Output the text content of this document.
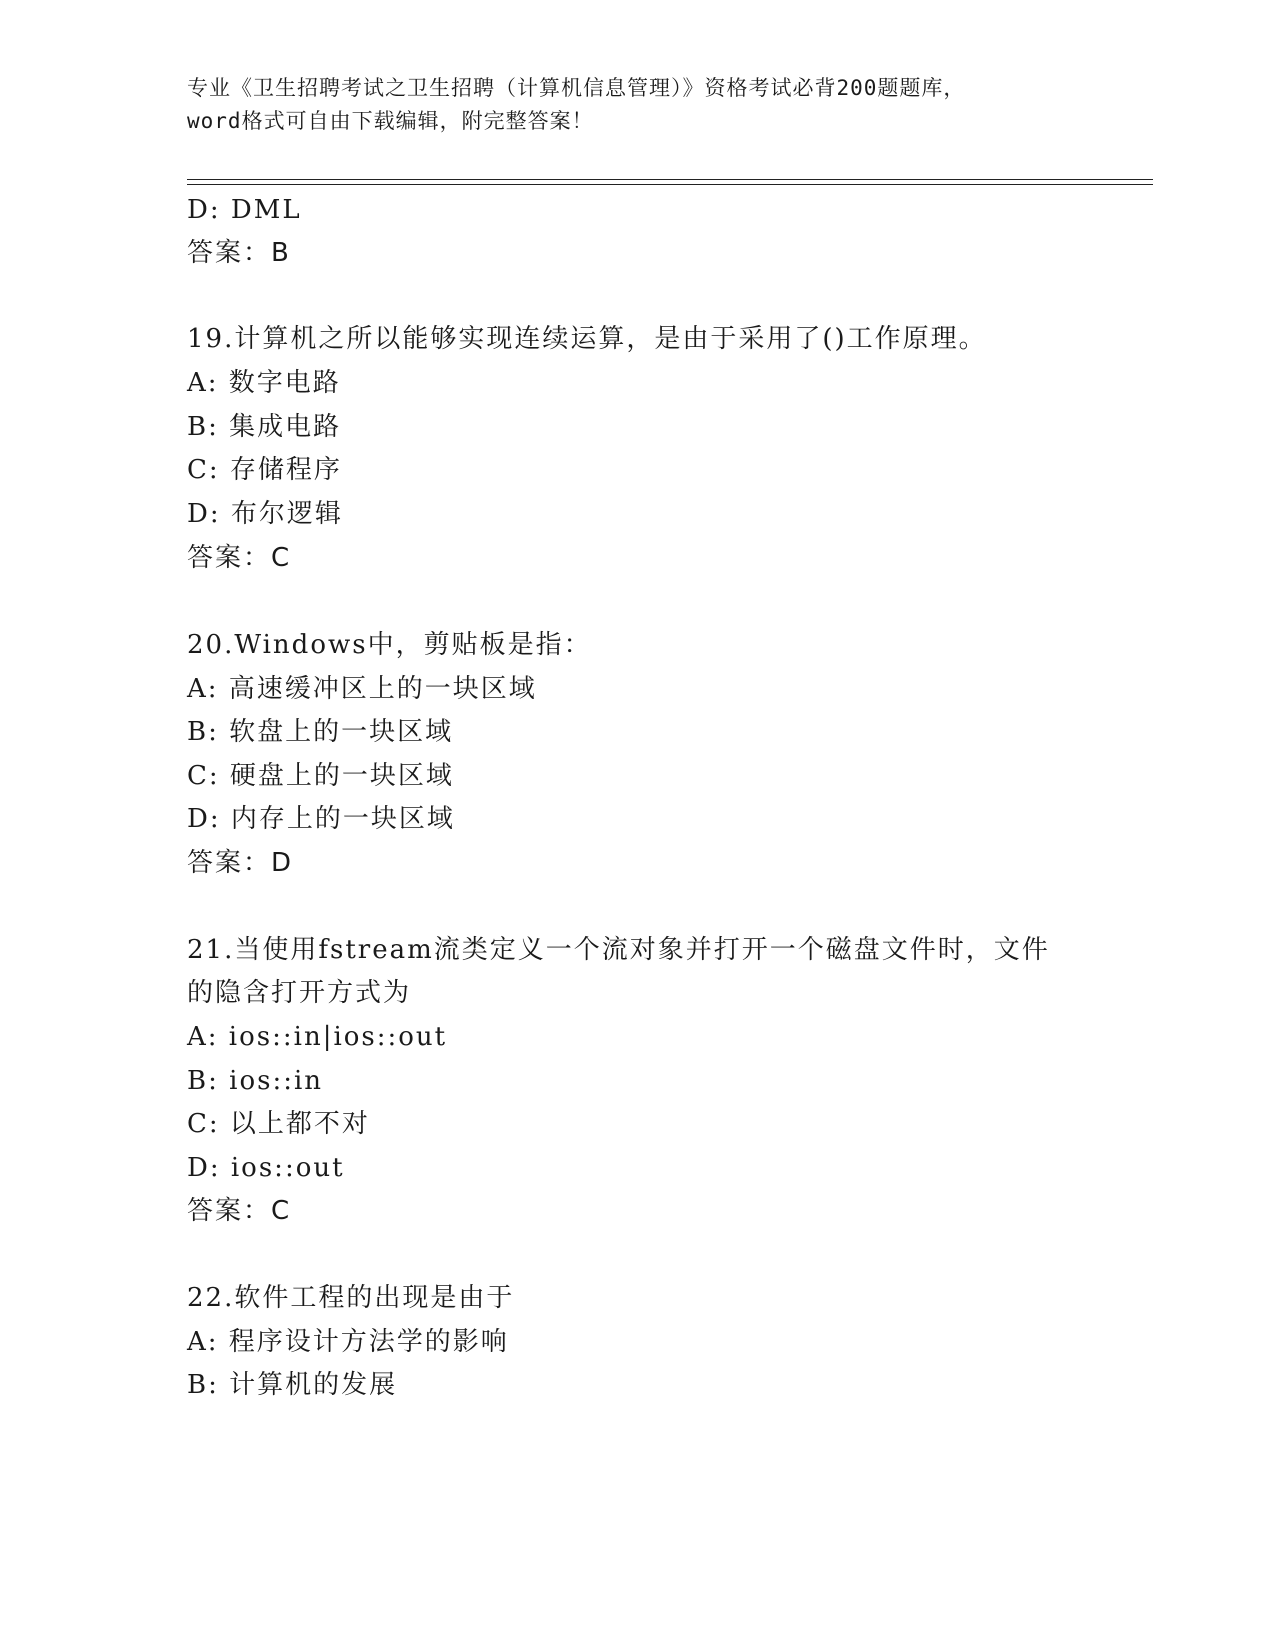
专业《卫生招聘考试之卫生招聘（计算机信息管理）》资格考试必背200题题库，
word格式可自由下载编辑，附完整答案！
D: DML
答案：B
19.计算机之所以能够实现连续运算，是由于采用了()工作原理。
A: 数字电路
B: 集成电路
C: 存储程序
D: 布尔逻辑
答案：C
20.Windows中，剪贴板是指：
A: 高速缓冲区上的一块区域
B: 软盘上的一块区域
C: 硬盘上的一块区域
D: 内存上的一块区域
答案：D
21.当使用fstream流类定义一个流对象并打开一个磁盘文件时，文件
的隐含打开方式为
A: ios::in|ios::out
B: ios::in
C: 以上都不对
D: ios::out
答案：C
22.软件工程的出现是由于
A: 程序设计方法学的影响
B: 计算机的发展
